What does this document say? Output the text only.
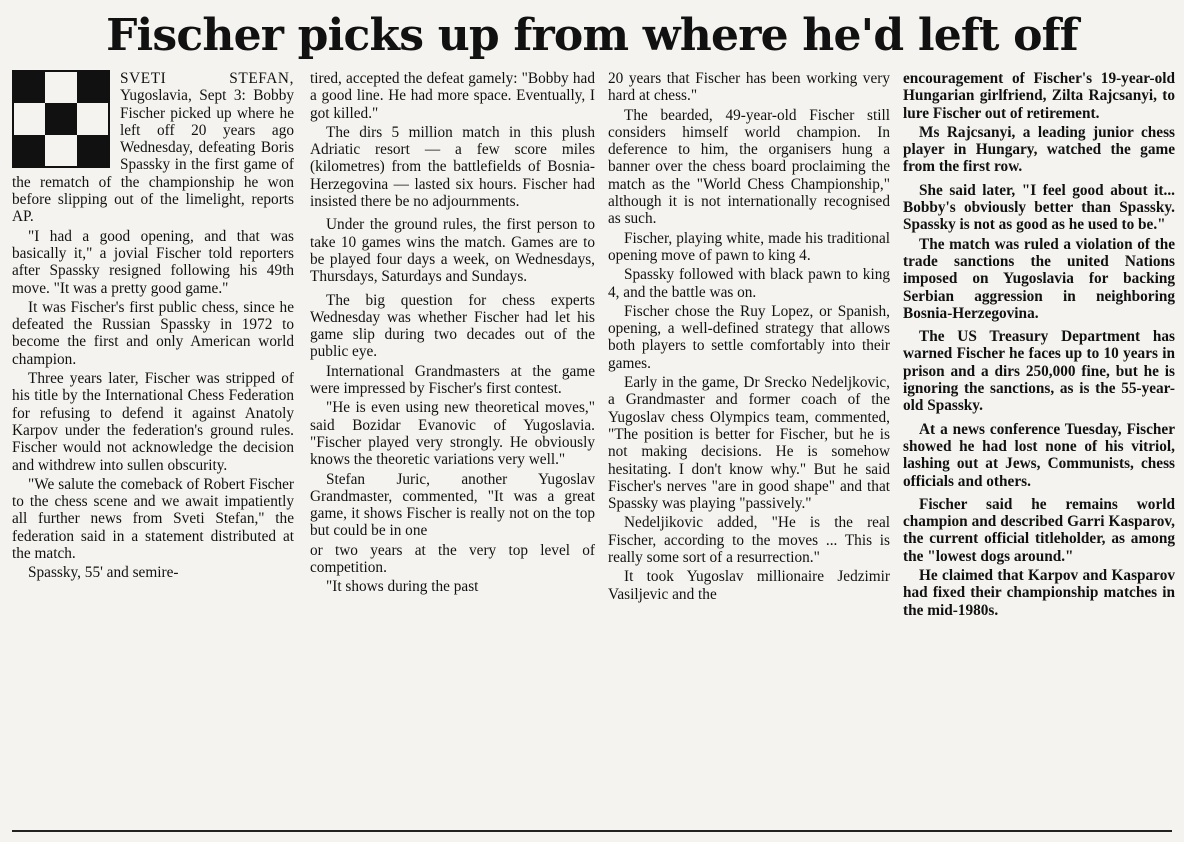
Fischer picks up from where he'd left off

SVETI STEFAN, Yugoslavia, Sept 3: Bobby Fischer picked up where he left off 20 years ago Wednesday, defeating Boris Spassky in the first game of the rematch of the championship he won before slipping out of the limelight, reports AP.

"I had a good opening, and that was basically it," a jovial Fischer told reporters after Spassky resigned following his 49th move. "It was a pretty good game."

It was Fischer's first public chess, since he defeated the Russian Spassky in 1972 to become the first and only American world champion.

Three years later, Fischer was stripped of his title by the International Chess Federation for refusing to defend it against Anatoly Karpov under the federation's ground rules. Fischer would not acknowledge the decision and withdrew into sullen obscurity.

"We salute the comeback of Robert Fischer to the chess scene and we await impatiently all further news from Sveti Stefan," the federation said in a statement distributed at the match.

Spassky, 55' and semire-

tired, accepted the defeat gamely: "Bobby had a good line. He had more space. Eventually, I got killed."

The dirs 5 million match in this plush Adriatic resort — a few score miles (kilometres) from the battlefields of Bosnia-Herzegovina — lasted six hours. Fischer had insisted there be no adjournments.

Under the ground rules, the first person to take 10 games wins the match. Games are to be played four days a week, on Wednesdays, Thursdays, Saturdays and Sundays.

The big question for chess experts Wednesday was whether Fischer had let his game slip during two decades out of the public eye.

International Grandmasters at the game were impressed by Fischer's first contest.

"He is even using new theoretical moves," said Bozidar Evanovic of Yugoslavia. "Fischer played very strongly. He obviously knows the theoretic variations very well."

Stefan Juric, another Yugoslav Grandmaster, commented, "It was a great game, it shows Fischer is really not on the top but could be in one

or two years at the very top level of competition.

"It shows during the past

20 years that Fischer has been working very hard at chess."

The bearded, 49-year-old Fischer still considers himself world champion. In deference to him, the organisers hung a banner over the chess board proclaiming the match as the "World Chess Championship," although it is not internationally recognised as such.

Fischer, playing white, made his traditional opening move of pawn to king 4.

Spassky followed with black pawn to king 4, and the battle was on.

Fischer chose the Ruy Lopez, or Spanish, opening, a well-defined strategy that allows both players to settle comfortably into their games.

Early in the game, Dr Srecko Nedeljkovic, a Grandmaster and former coach of the Yugoslav chess Olympics team, commented, "The position is better for Fischer, but he is not making decisions. He is somehow hesitating. I don't know why." But he said Fischer's nerves "are in good shape" and that Spassky was playing "passively."

Nedeljikovic added, "He is the real Fischer, according to the moves ... This is really some sort of a resurrection."

It took Yugoslav millionaire Jedzimir Vasiljevic and the

encouragement of Fischer's 19-year-old Hungarian girlfriend, Zilta Rajcsanyi, to lure Fischer out of retirement.

Ms Rajcsanyi, a leading junior chess player in Hungary, watched the game from the first row.

She said later, "I feel good about it... Bobby's obviously better than Spassky. Spassky is not as good as he used to be."

The match was ruled a violation of the trade sanctions the united Nations imposed on Yugoslavia for backing Serbian aggression in neighboring Bosnia-Herzegovina.

The US Treasury Department has warned Fischer he faces up to 10 years in prison and a dirs 250,000 fine, but he is ignoring the sanctions, as is the 55-year-old Spassky.

At a news conference Tuesday, Fischer showed he had lost none of his vitriol, lashing out at Jews, Communists, chess officials and others.

Fischer said he remains world champion and described Garri Kasparov, the current official titleholder, as among the "lowest dogs around."

He claimed that Karpov and Kasparov had fixed their championship matches in the mid-1980s.
